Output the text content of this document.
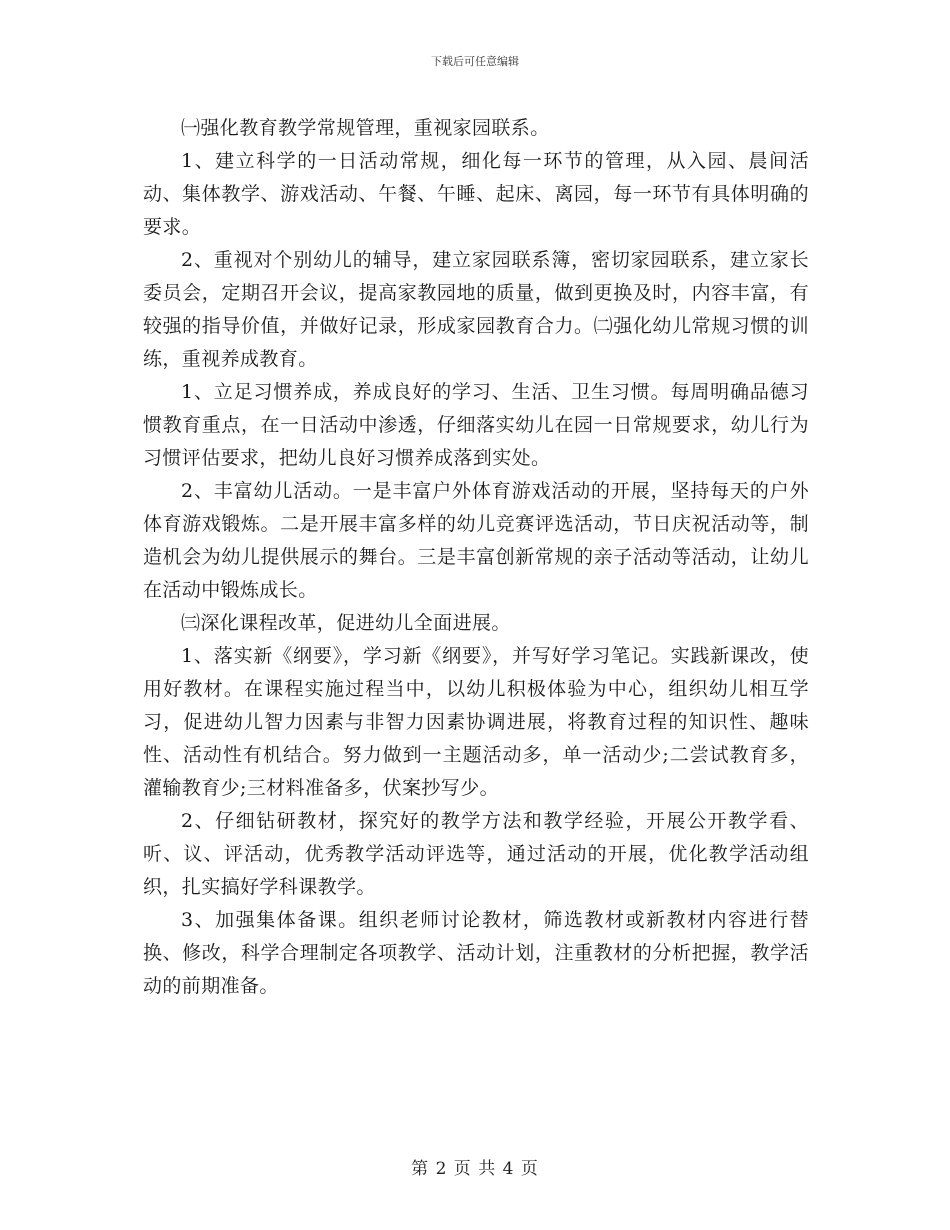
下载后可任意编辑

㈠强化教育教学常规管理，重视家园联系。

1、建立科学的一日活动常规，细化每一环节的管理，从入园、晨间活动、集体教学、游戏活动、午餐、午睡、起床、离园，每一环节有具体明确的要求。

2、重视对个别幼儿的辅导，建立家园联系簿，密切家园联系，建立家长委员会，定期召开会议，提高家教园地的质量，做到更换及时，内容丰富，有较强的指导价值，并做好记录，形成家园教育合力。㈡强化幼儿常规习惯的训练，重视养成教育。

1、立足习惯养成，养成良好的学习、生活、卫生习惯。每周明确品德习惯教育重点，在一日活动中渗透，仔细落实幼儿在园一日常规要求，幼儿行为习惯评估要求，把幼儿良好习惯养成落到实处。

2、丰富幼儿活动。一是丰富户外体育游戏活动的开展，坚持每天的户外体育游戏锻炼。二是开展丰富多样的幼儿竞赛评选活动，节日庆祝活动等，制造机会为幼儿提供展示的舞台。三是丰富创新常规的亲子活动等活动，让幼儿在活动中锻炼成长。

㈢深化课程改革，促进幼儿全面进展。

1、落实新《纲要》，学习新《纲要》，并写好学习笔记。实践新课改，使用好教材。在课程实施过程当中，以幼儿积极体验为中心，组织幼儿相互学习，促进幼儿智力因素与非智力因素协调进展，将教育过程的知识性、趣味性、活动性有机结合。努力做到一主题活动多，单一活动少;二尝试教育多，灌输教育少;三材料准备多，伏案抄写少。

2、仔细钻研教材，探究好的教学方法和教学经验，开展公开教学看、听、议、评活动，优秀教学活动评选等，通过活动的开展，优化教学活动组织，扎实搞好学科课教学。

3、加强集体备课。组织老师讨论教材，筛选教材或新教材内容进行替换、修改，科学合理制定各项教学、活动计划，注重教材的分析把握，教学活动的前期准备。

第 2 页 共 4 页
